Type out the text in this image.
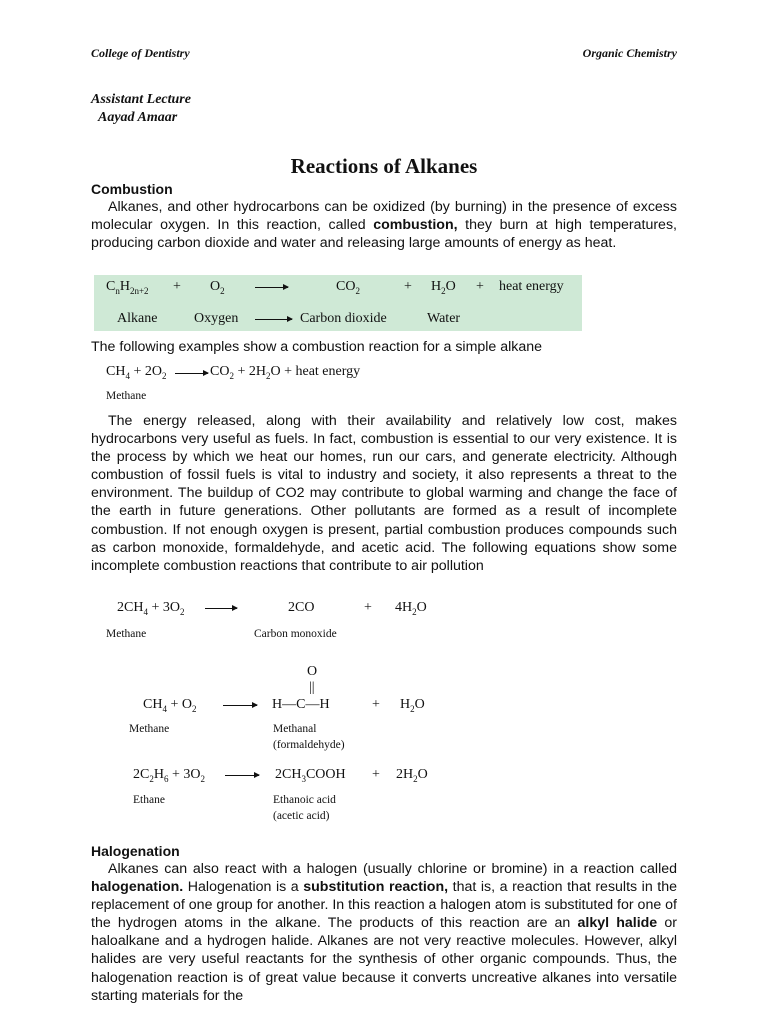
College of Dentistry	Organic Chemistry
Assistant Lecture
Aayad Amaar
Reactions of Alkanes
Combustion
Alkanes, and other hydrocarbons can be oxidized (by burning) in the presence of excess molecular oxygen. In this reaction, called combustion, they burn at high temperatures, producing carbon dioxide and water and releasing large amounts of energy as heat.
$C_nH_{2n+2} + O_2$	$CO_2$	+ $H_2O$ + heat energy
Alkane	Oxygen	Carbon dioxide	Water
The following examples show a combustion reaction for a simple alkane
$CH_4 + 2O_2$	$CO_2 + 2H_2O$ + heat energy
Methane
The energy released, along with their availability and relatively low cost, makes hydrocarbons very useful as fuels. In fact, combustion is essential to our very existence. It is the process by which we heat our homes, run our cars, and generate electricity. Although combustion of fossil fuels is vital to industry and society, it also represents a threat to the environment. The buildup of CO2 may contribute to global warming and change the face of the earth in future generations. Other pollutants are formed as a result of incomplete combustion. If not enough oxygen is present, partial combustion produces compounds such as carbon monoxide, formaldehyde, and acetic acid. The following equations show some incomplete combustion reactions that contribute to air pollution
$2CH_4 + 3O_2$	2CO	+ $4H_2O$
Methane	Carbon monoxide
O
||
$CH_4 + O_2$	H—C—H	+ $H_2O$
Methane	Methanal
(formaldehyde)
$2C_2H_6 + 3O_2$	$2CH_3COOH + 2H_2O$
Ethane	Ethanoic acid
(acetic acid)
Halogenation
Alkanes can also react with a halogen (usually chlorine or bromine) in a reaction called halogenation. Halogenation is a substitution reaction, that is, a reaction that results in the replacement of one group for another. In this reaction a halogen atom is substituted for one of the hydrogen atoms in the alkane. The products of this reaction are an alkyl halide or haloalkane and a hydrogen halide. Alkanes are not very reactive molecules. However, alkyl halides are very useful reactants for the synthesis of other organic compounds. Thus, the halogenation reaction is of great value because it converts uncreative alkanes into versatile starting materials for the
